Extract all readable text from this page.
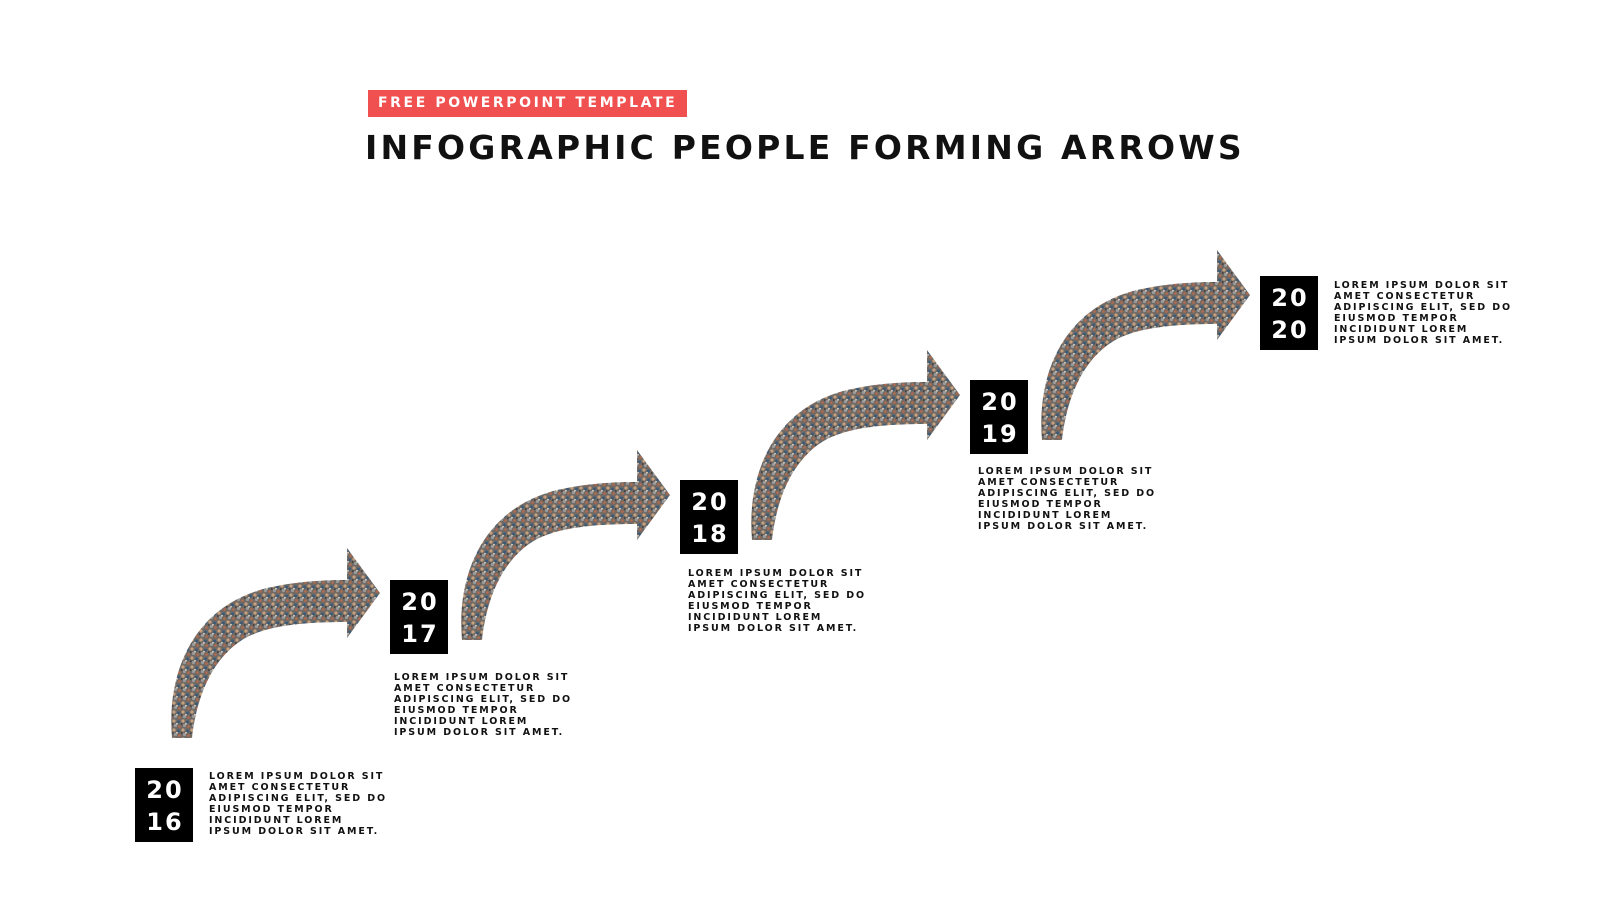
FREE POWERPOINT TEMPLATE
INFOGRAPHIC PEOPLE FORMING ARROWS
20
16
LOREM IPSUM DOLOR SIT AMET CONSECTETUR ADIPISCING ELIT, SED DO EIUSMOD TEMPOR INCIDIDUNT LOREM IPSUM DOLOR SIT AMET.
20
17
LOREM IPSUM DOLOR SIT AMET CONSECTETUR ADIPISCING ELIT, SED DO EIUSMOD TEMPOR INCIDIDUNT LOREM IPSUM DOLOR SIT AMET.
20
18
LOREM IPSUM DOLOR SIT AMET CONSECTETUR ADIPISCING ELIT, SED DO EIUSMOD TEMPOR INCIDIDUNT LOREM IPSUM DOLOR SIT AMET.
20
19
LOREM IPSUM DOLOR SIT AMET CONSECTETUR ADIPISCING ELIT, SED DO EIUSMOD TEMPOR INCIDIDUNT LOREM IPSUM DOLOR SIT AMET.
20
20
LOREM IPSUM DOLOR SIT AMET CONSECTETUR ADIPISCING ELIT, SED DO EIUSMOD TEMPOR INCIDIDUNT LOREM IPSUM DOLOR SIT AMET.
